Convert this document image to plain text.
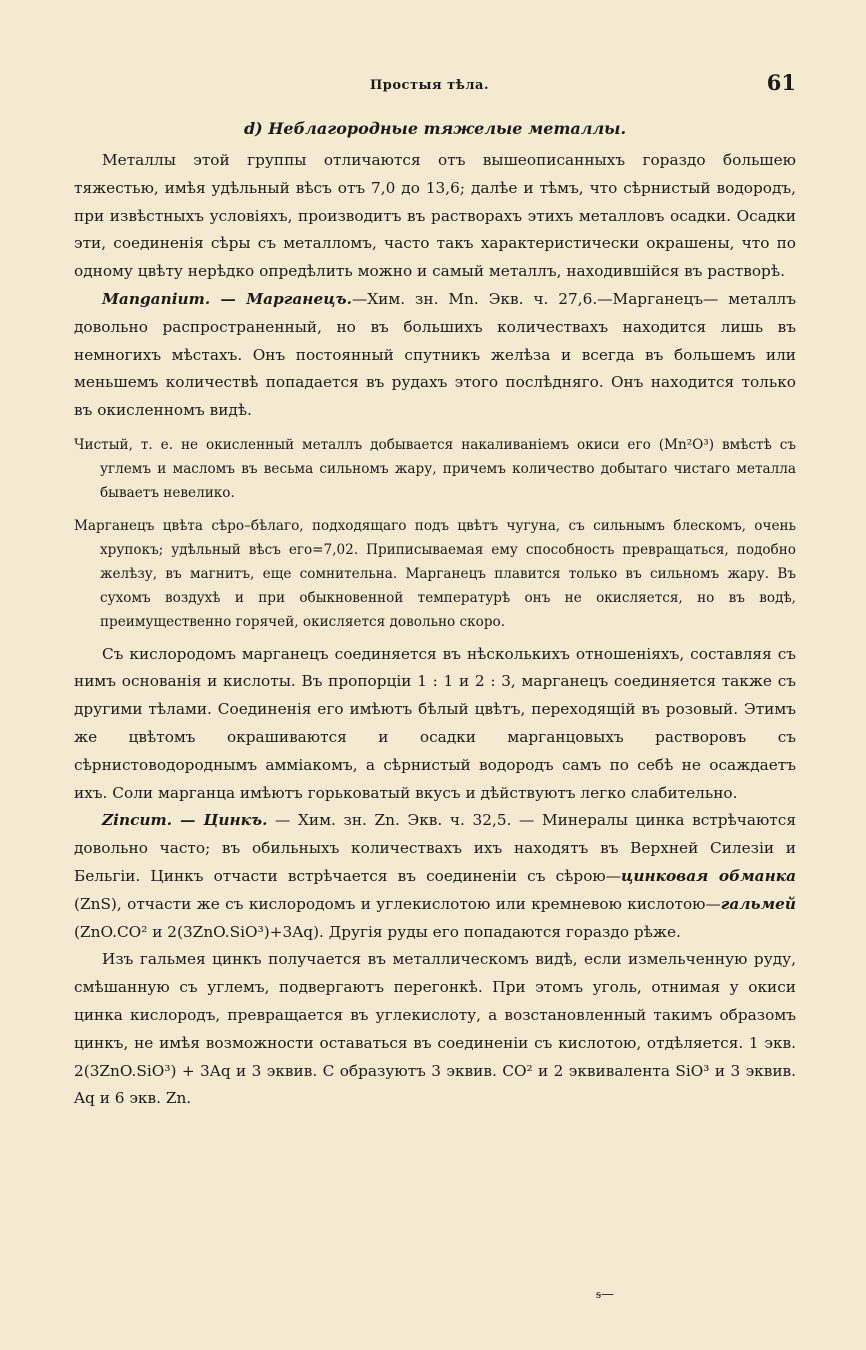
Простыя тѣла.	61
d) Неблагородные тяжелые металлы.

Металлы этой группы отличаются отъ вышеописанныхъ гораздо большею тяжестью, имѣя удѣльный вѣсъ отъ 7,0 до 13,6; далѣе и тѣмъ, что сѣрнистый водородъ, при извѣстныхъ условіяхъ, производитъ въ растворахъ этихъ металловъ осадки. Осадки эти, соединенія сѣры съ металломъ, часто такъ характеристически окрашены, что по одному цвѣту нерѣдко опредѣлить можно и самый металлъ, находившійся въ растворѣ.

Manganium. — Марганецъ.—Хим. зн. Mn. Экв. ч. 27,6.—Марганецъ— металлъ довольно распространенный, но въ большихъ количествахъ находится лишь въ немногихъ мѣстахъ. Онъ постоянный спутникъ желѣза и всегда въ большемъ или меньшемъ количествѣ попадается въ рудахъ этого послѣдняго. Онъ находится только въ окисленномъ видѣ.

Чистый, т. е. не окисленный металлъ добывается накаливаніемъ окиси его (Mn²O³) вмѣстѣ съ углемъ и масломъ въ весьма сильномъ жару, причемъ количество добытаго чистаго металла бываетъ невелико.

Марганецъ цвѣта сѣро–бѣлаго, подходящаго подъ цвѣтъ чугуна, съ сильнымъ блескомъ, очень хрупокъ; удѣльный вѣсъ его=7,02. Приписываемая ему способность превращаться, подобно желѣзу, въ магнитъ, еще сомнительна. Марганецъ плавится только въ сильномъ жару. Въ сухомъ воздухѣ и при обыкновенной температурѣ онъ не окисляется, но въ водѣ, преимущественно горячей, окисляется довольно скоро.

Съ кислородомъ марганецъ соединяется въ нѣсколькихъ отношеніяхъ, составляя съ нимъ основанія и кислоты. Въ пропорціи 1 : 1 и 2 : 3, марганецъ соединяется также съ другими тѣлами. Соединенія его имѣютъ бѣлый цвѣтъ, переходящій въ розовый. Этимъ же цвѣтомъ окрашиваются и осадки марганцовыхъ растворовъ съ сѣрнистоводороднымъ аммiакомъ, а сѣрнистый водородъ самъ по себѣ не осаждаетъ ихъ. Соли марганца имѣютъ горьковатый вкусъ и дѣйствуютъ легко слабительно.

Zincum. — Цинкъ. — Хим. зн. Zn. Экв. ч. 32,5. — Минералы цинка встрѣчаются довольно часто; въ обильныхъ количествахъ ихъ находятъ въ Верхней Силезіи и Бельгіи. Цинкъ отчасти встрѣчается въ соединеніи съ сѣрою—цинковая обманка (ZnS), отчасти же съ кислородомъ и углекислотою или кремневою кислотою—гальмей (ZnO.CO² и 2(3ZnO.SiO³)+3Aq). Другія руды его попадаются гораздо рѣже.

Изъ гальмея цинкъ получается въ металлическомъ видѣ, если измельченную руду, смѣшанную съ углемъ, подвергаютъ перегонкѣ. При этомъ уголь, отнимая у окиси цинка кислородъ, превращается въ углекислоту, а возстановленный такимъ образомъ цинкъ, не имѣя возможности оставаться въ соединеніи съ кислотою, отдѣляется. 1 экв. 2(3ZnO.SiO³) + 3Aq и 3 эквив. C образуютъ 3 эквив. CO² и 2 эквивалента SiO³ и 3 эквив. Aq и 6 экв. Zn.

ᵴ—
